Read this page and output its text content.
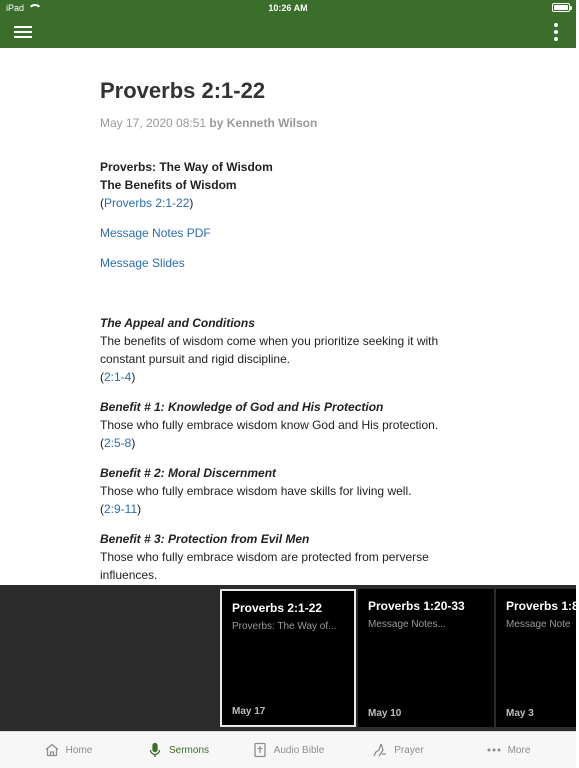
iPad	10:26 AM
Proverbs 2:1-22
May 17, 2020 08:51 by Kenneth Wilson
Proverbs: The Way of Wisdom
The Benefits of Wisdom
(Proverbs 2:1-22)
Message Notes PDF
Message Slides
The Appeal and Conditions
The benefits of wisdom come when you prioritize seeking it with constant pursuit and rigid discipline.
(2:1-4)
Benefit # 1: Knowledge of God and His Protection
Those who fully embrace wisdom know God and His protection.
(2:5-8)
Benefit # 2: Moral Discernment
Those who fully embrace wisdom have skills for living well.
(2:9-11)
Benefit # 3: Protection from Evil Men
Those who fully embrace wisdom are protected from perverse influences.
Proverbs 2:1-22
Proverbs: The Way of...
May 17
Proverbs 1:20-33
Message Notes...
May 10
Proverbs 1:8
Message Note
May 3
Home	Sermons	Audio Bible	Prayer	More
